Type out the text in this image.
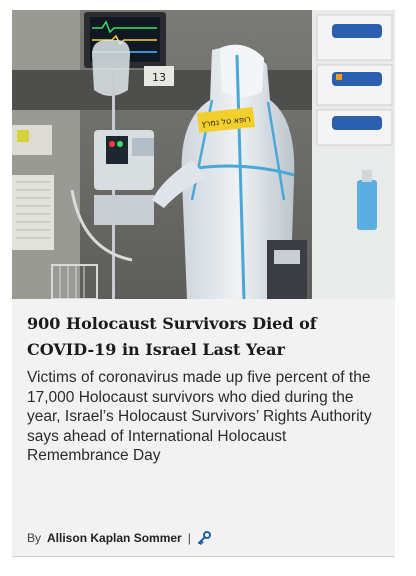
13
רופא טל נמרץ
900 Holocaust Survivors Died of COVID-19 in Israel Last Year

Victims of coronavirus made up five percent of the 17,000 Holocaust survivors who died during the year, Israel’s Holocaust Survivors’ Rights Authority says ahead of International Holocaust Remembrance Day

By Allison Kaplan Sommer |
